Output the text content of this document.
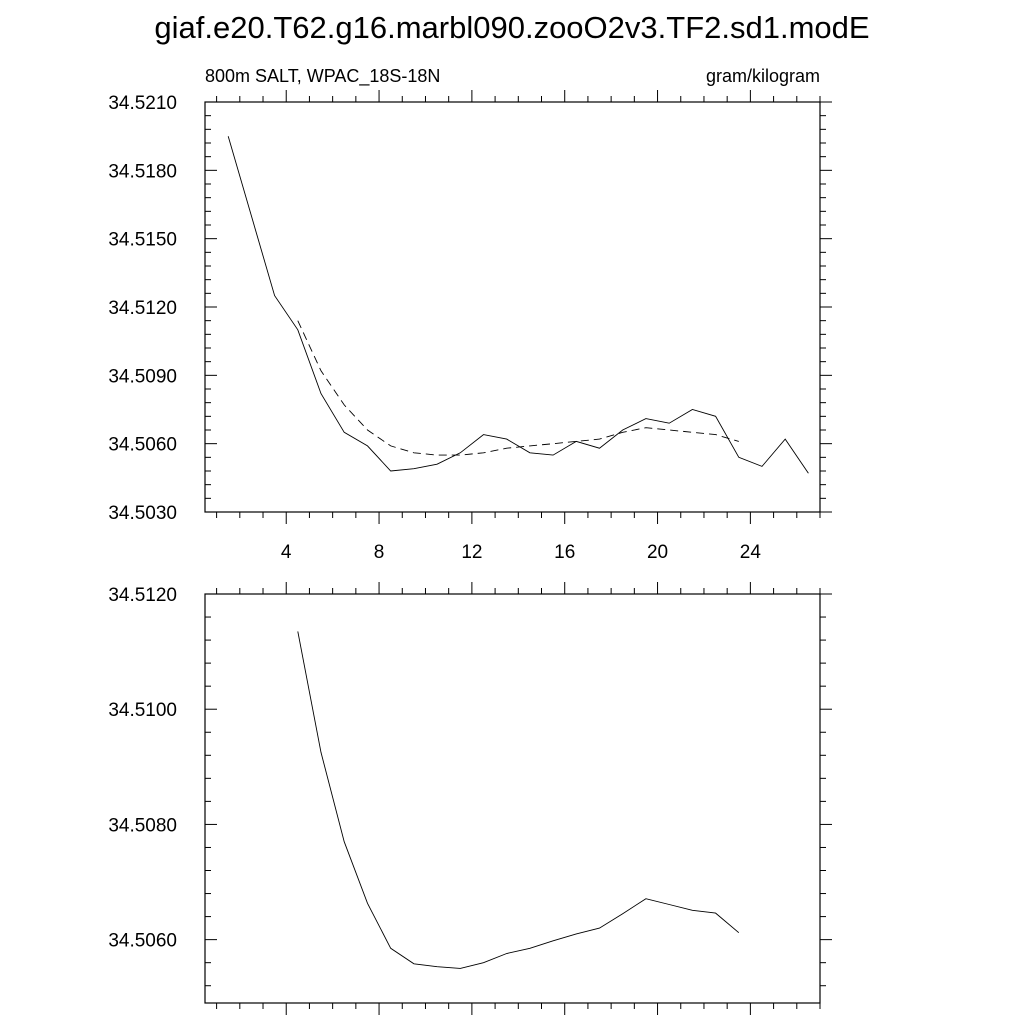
giaf.e20.T62.g16.marbl090.zooO2v3.TF2.sd1.modE
34.5030
34.5060
34.5090
34.5120
34.5150
34.5180
34.5210
4	8	12	16	20	24
800m SALT, WPAC_18S-18N	gram/kilogram
34.5060
34.5080
34.5100
34.5120
